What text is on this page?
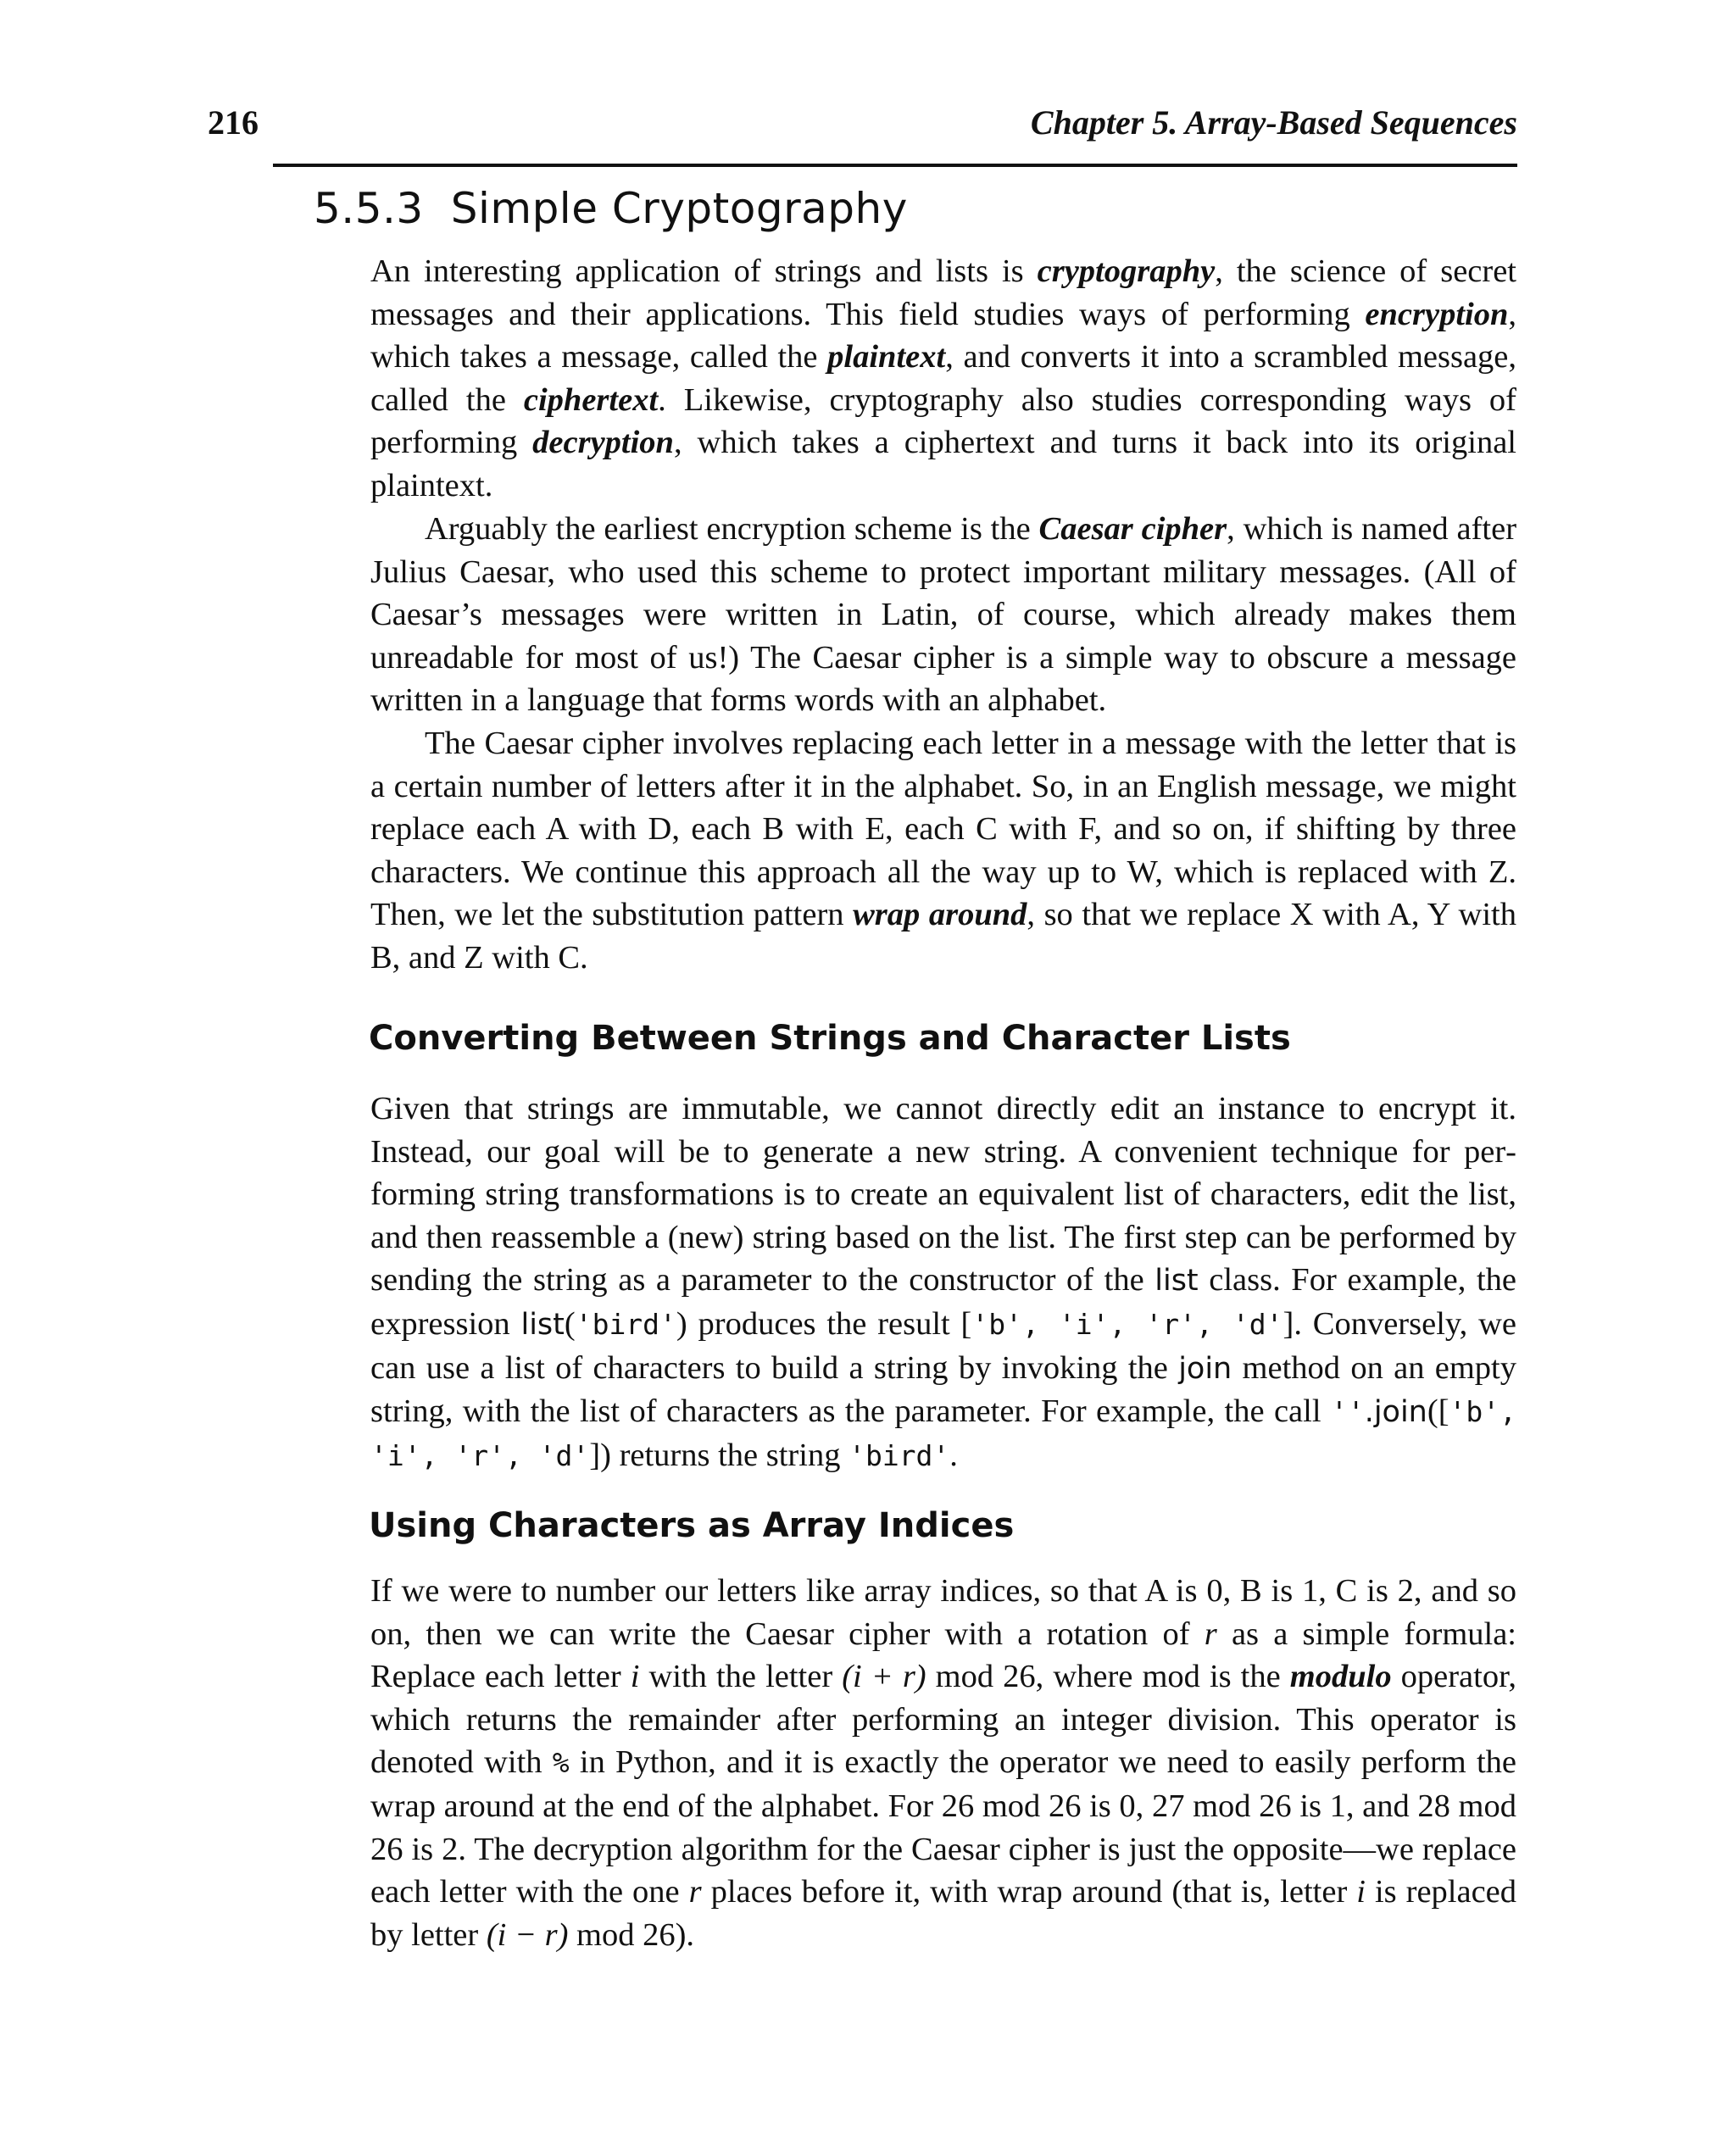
216	Chapter 5. Array-Based Sequences
5.5.3 Simple Cryptography

An interesting application of strings and lists is cryptography, the science of secret messages and their applications. This field studies ways of performing encryption, which takes a message, called the plaintext, and converts it into a scrambled message, called the ciphertext. Likewise, cryptography also studies corresponding ways of performing decryption, which takes a ciphertext and turns it back into its original plaintext.

Arguably the earliest encryption scheme is the Caesar cipher, which is named after Julius Caesar, who used this scheme to protect important military messages. (All of Caesar’s messages were written in Latin, of course, which already makes them unreadable for most of us!) The Caesar cipher is a simple way to obscure a message written in a language that forms words with an alphabet.

The Caesar cipher involves replacing each letter in a message with the letter that is a certain number of letters after it in the alphabet. So, in an English message, we might replace each A with D, each B with E, each C with F, and so on, if shifting by three characters. We continue this approach all the way up to W, which is replaced with Z. Then, we let the substitution pattern wrap around, so that we replace X with A, Y with B, and Z with C.

Converting Between Strings and Character Lists

Given that strings are immutable, we cannot directly edit an instance to encrypt it. Instead, our goal will be to generate a new string. A convenient technique for performing string transformations is to create an equivalent list of characters, edit the list, and then reassemble a (new) string based on the list. The first step can be performed by sending the string as a parameter to the constructor of the list class. For example, the expression list('bird') produces the result ['b', 'i', 'r', 'd']. Conversely, we can use a list of characters to build a string by invoking the join method on an empty string, with the list of characters as the parameter. For example, the call ''.join(['b', 'i', 'r', 'd']) returns the string 'bird'.

Using Characters as Array Indices

If we were to number our letters like array indices, so that A is 0, B is 1, C is 2, and so on, then we can write the Caesar cipher with a rotation of r as a simple formula: Replace each letter i with the letter (i + r) mod 26, where mod is the modulo operator, which returns the remainder after performing an integer division. This operator is denoted with % in Python, and it is exactly the operator we need to easily perform the wrap around at the end of the alphabet. For 26 mod 26 is 0, 27 mod 26 is 1, and 28 mod 26 is 2. The decryption algorithm for the Caesar cipher is just the opposite—we replace each letter with the one r places before it, with wrap around (that is, letter i is replaced by letter (i − r) mod 26).
